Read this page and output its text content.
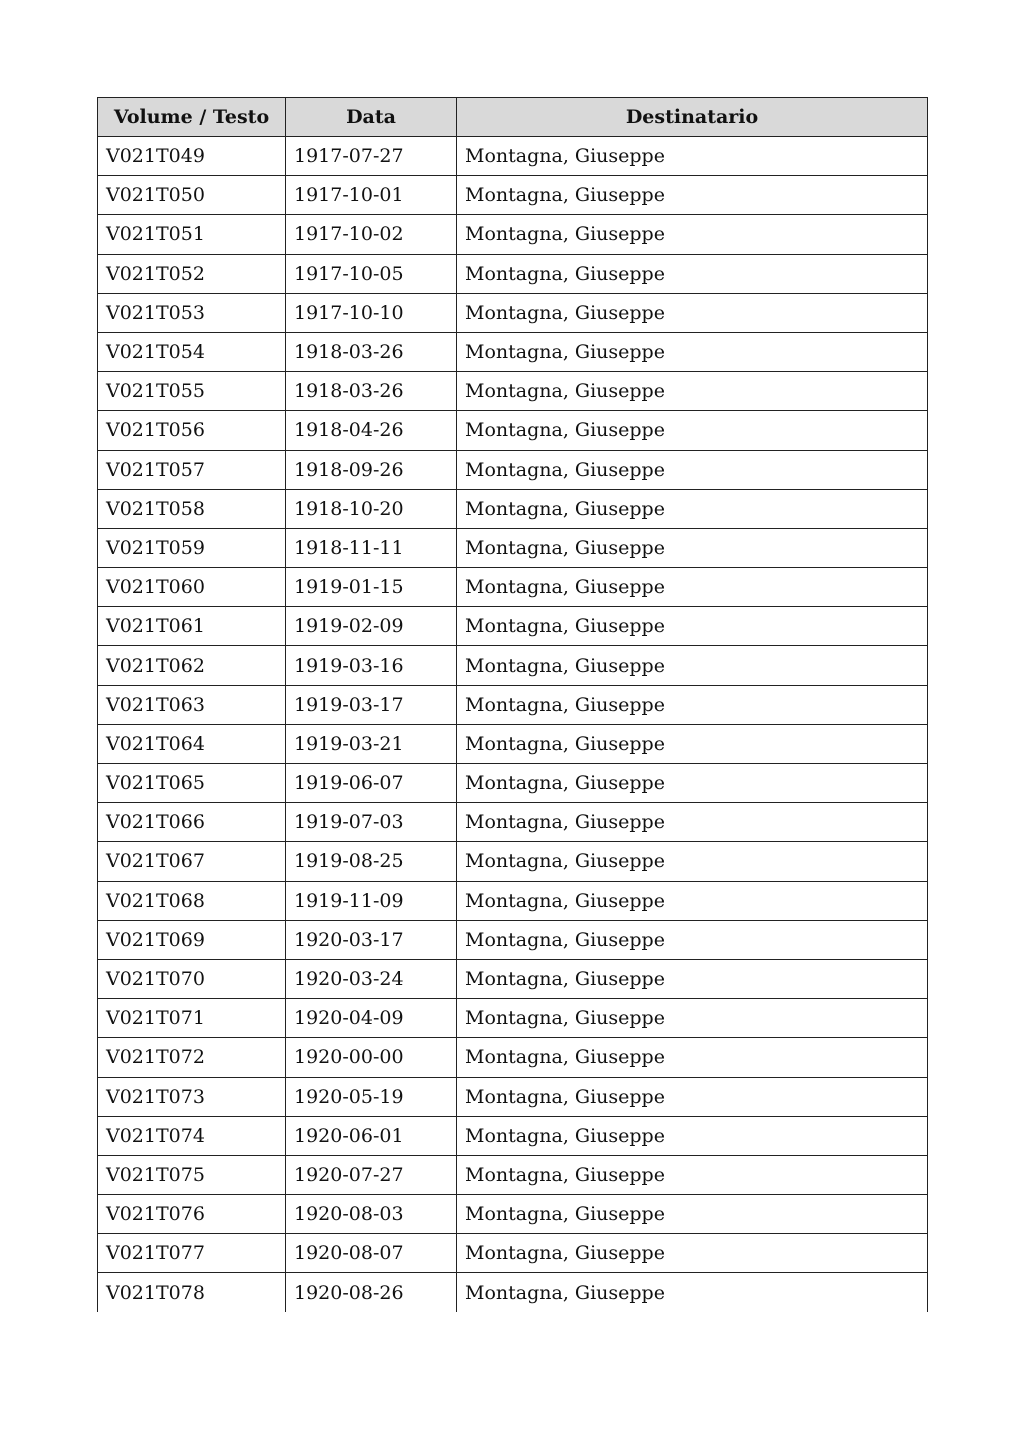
Volume / Testo	Data	Destinatario
V021T049	1917-07-27	Montagna, Giuseppe
V021T050	1917-10-01	Montagna, Giuseppe
V021T051	1917-10-02	Montagna, Giuseppe
V021T052	1917-10-05	Montagna, Giuseppe
V021T053	1917-10-10	Montagna, Giuseppe
V021T054	1918-03-26	Montagna, Giuseppe
V021T055	1918-03-26	Montagna, Giuseppe
V021T056	1918-04-26	Montagna, Giuseppe
V021T057	1918-09-26	Montagna, Giuseppe
V021T058	1918-10-20	Montagna, Giuseppe
V021T059	1918-11-11	Montagna, Giuseppe
V021T060	1919-01-15	Montagna, Giuseppe
V021T061	1919-02-09	Montagna, Giuseppe
V021T062	1919-03-16	Montagna, Giuseppe
V021T063	1919-03-17	Montagna, Giuseppe
V021T064	1919-03-21	Montagna, Giuseppe
V021T065	1919-06-07	Montagna, Giuseppe
V021T066	1919-07-03	Montagna, Giuseppe
V021T067	1919-08-25	Montagna, Giuseppe
V021T068	1919-11-09	Montagna, Giuseppe
V021T069	1920-03-17	Montagna, Giuseppe
V021T070	1920-03-24	Montagna, Giuseppe
V021T071	1920-04-09	Montagna, Giuseppe
V021T072	1920-00-00	Montagna, Giuseppe
V021T073	1920-05-19	Montagna, Giuseppe
V021T074	1920-06-01	Montagna, Giuseppe
V021T075	1920-07-27	Montagna, Giuseppe
V021T076	1920-08-03	Montagna, Giuseppe
V021T077	1920-08-07	Montagna, Giuseppe
V021T078	1920-08-26	Montagna, Giuseppe
